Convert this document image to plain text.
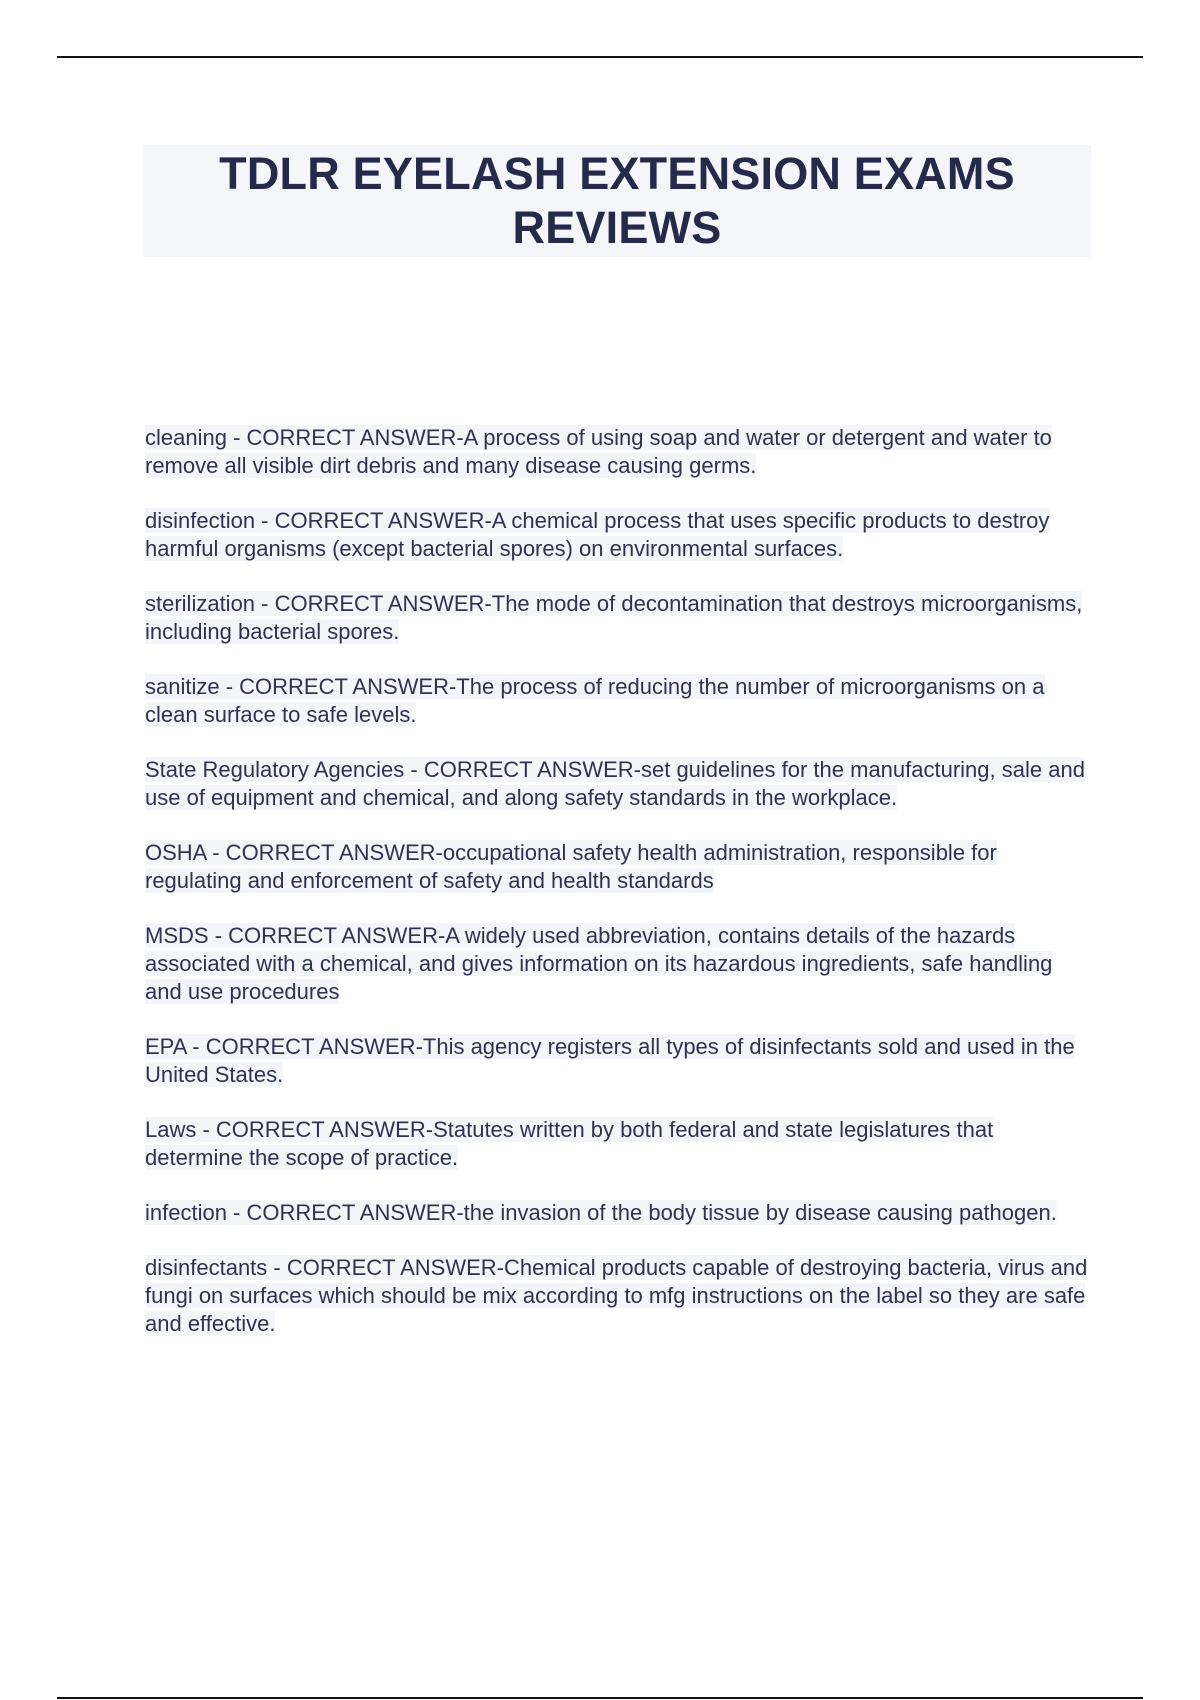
TDLR EYELASH EXTENSION EXAMS REVIEWS

cleaning - CORRECT ANSWER-A process of using soap and water or detergent and water to remove all visible dirt debris and many disease causing germs.

disinfection - CORRECT ANSWER-A chemical process that uses specific products to destroy harmful organisms (except bacterial spores) on environmental surfaces.

sterilization - CORRECT ANSWER-The mode of decontamination that destroys microorganisms, including bacterial spores.

sanitize - CORRECT ANSWER-The process of reducing the number of microorganisms on a clean surface to safe levels.

State Regulatory Agencies - CORRECT ANSWER-set guidelines for the manufacturing, sale and use of equipment and chemical, and along safety standards in the workplace.

OSHA - CORRECT ANSWER-occupational safety health administration, responsible for regulating and enforcement of safety and health standards

MSDS - CORRECT ANSWER-A widely used abbreviation, contains details of the hazards associated with a chemical, and gives information on its hazardous ingredients, safe handling and use procedures

EPA - CORRECT ANSWER-This agency registers all types of disinfectants sold and used in the United States.

Laws - CORRECT ANSWER-Statutes written by both federal and state legislatures that determine the scope of practice.

infection - CORRECT ANSWER-the invasion of the body tissue by disease causing pathogen.

disinfectants - CORRECT ANSWER-Chemical products capable of destroying bacteria, virus and fungi on surfaces which should be mix according to mfg instructions on the label so they are safe and effective.
